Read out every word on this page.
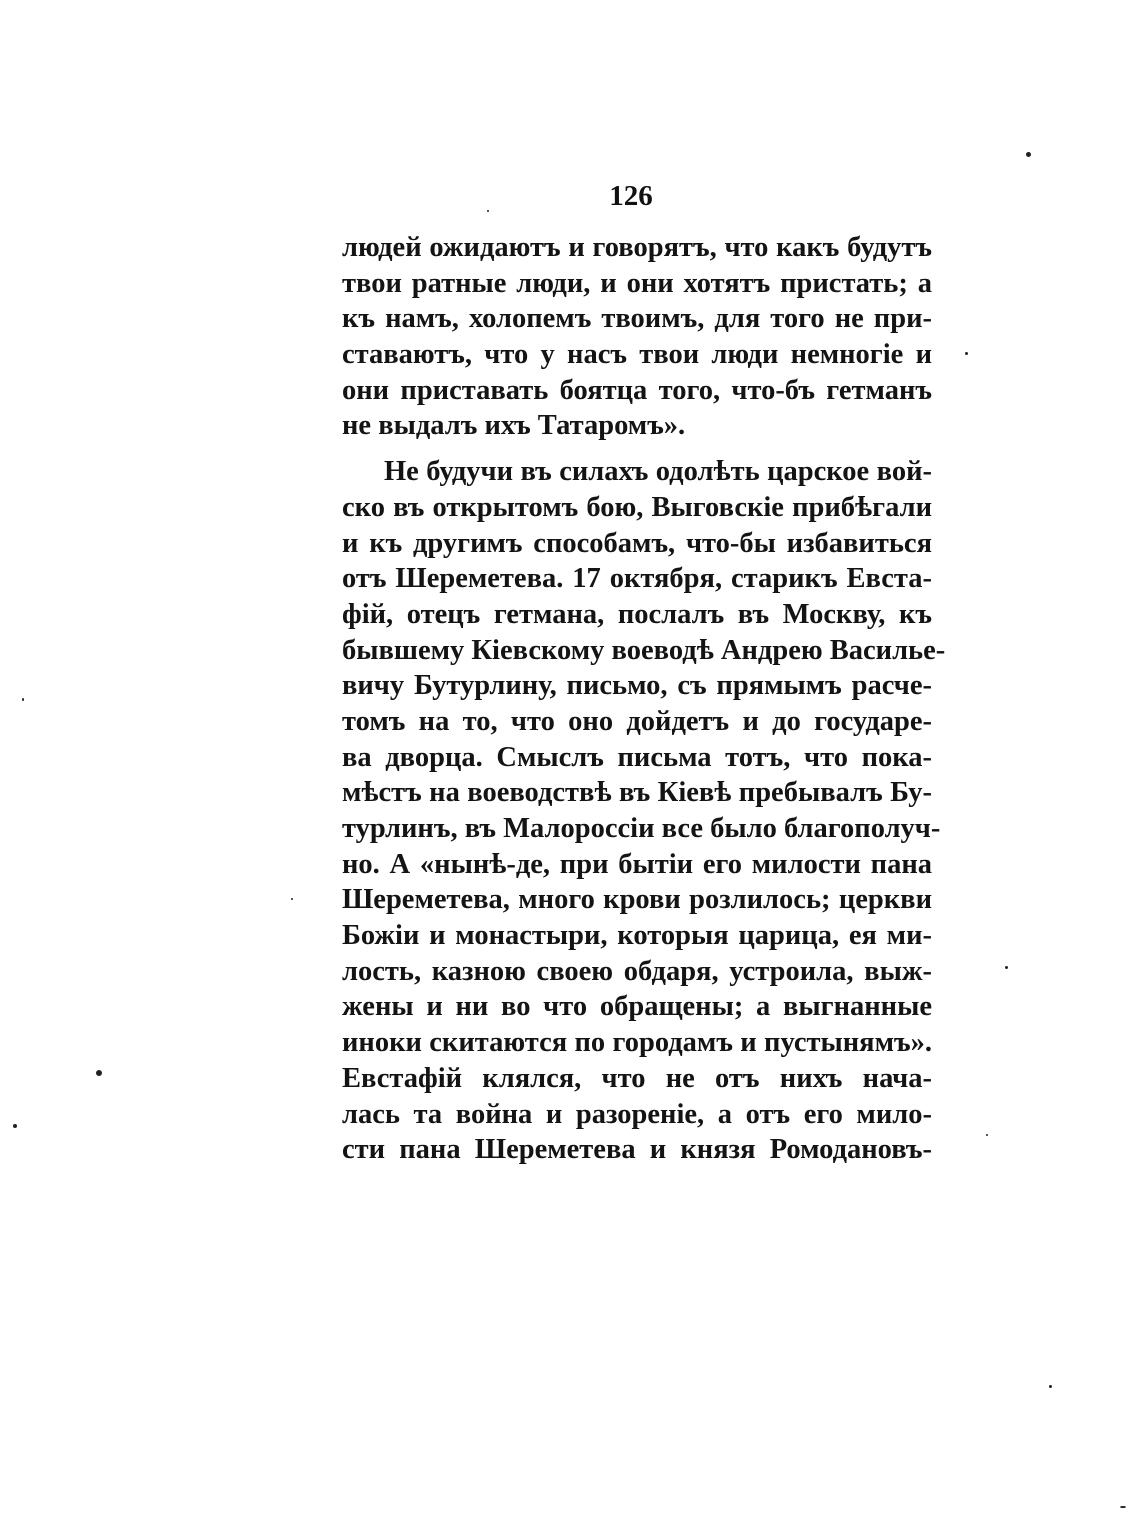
126
людей ожидаютъ и говорятъ, что какъ будутъ
твои ратные люди, и они хотятъ пристать; а
къ намъ, холопемъ твоимъ, для того не при-
ставаютъ, что у насъ твои люди немногіе и
они приставать боятца того, что-бъ гетманъ
не выдалъ ихъ Татаромъ».
Не будучи въ силахъ одолѣть царское вой-
ско въ открытомъ бою, Выговскіе прибѣгали
и къ другимъ способамъ, что-бы избавиться
отъ Шереметева. 17 октября, старикъ Евста-
фій, отецъ гетмана, послалъ въ Москву, къ
бывшему Кіевскому воеводѣ Андрею Василье-
вичу Бутурлину, письмо, съ прямымъ расче-
томъ на то, что оно дойдетъ и до государе-
ва дворца. Смыслъ письма тотъ, что пока-
мѣстъ на воеводствѣ въ Кіевѣ пребывалъ Бу-
турлинъ, въ Малороссіи все было благополуч-
но. А «нынѣ-де, при бытіи его милости пана
Шереметева, много крови розлилось; церкви
Божіи и монастыри, которыя царица, ея ми-
лость, казною своею обдаря, устроила, выж-
жены и ни во что обращены; а выгнанные
иноки скитаются по городамъ и пустынямъ».
Евстафій клялся, что не отъ нихъ нача-
лась та война и разореніе, а отъ его мило-
сти пана Шереметева и князя Ромодановъ-
